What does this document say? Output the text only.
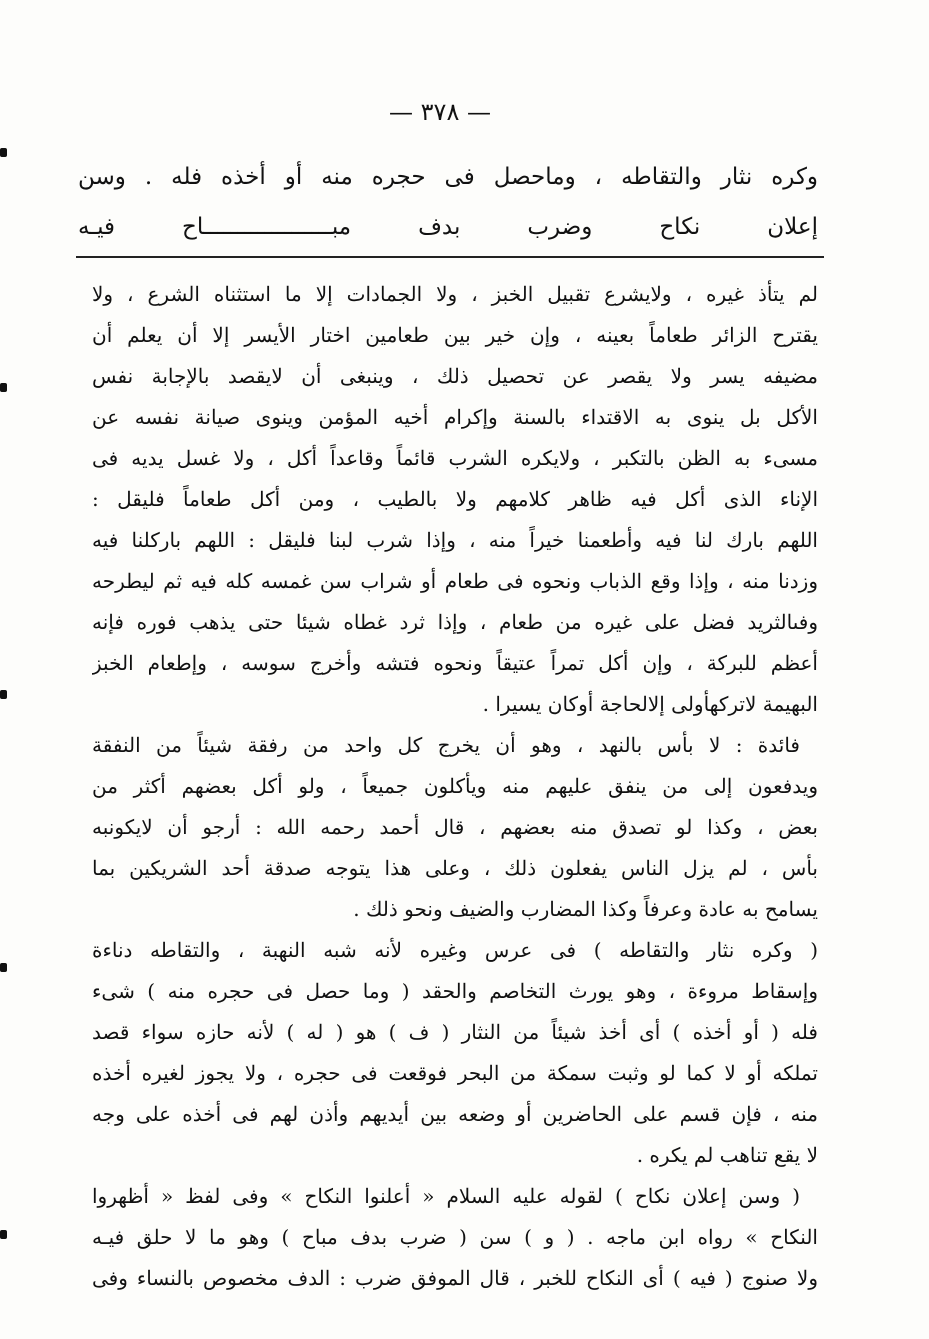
— ٣٧٨ —
وكره نثار والتقاطه ، وماحصل فى حجره منه أو أخذه فله . وسن
إعلان نكاح وضرب بدف مبـــــــــــــــــــاح فيـه
لم يتأذ غيره ، ولايشرع تقبيل الخبز ، ولا الجمادات إلا ما استثناه الشرع ، ولا
يقترح الزائر طعاماً بعينه ، وإن خير بين طعامين اختار الأيسر إلا أن يعلم أن
مضيفه يسر ولا يقصر عن تحصيل ذلك ، وينبغى أن لايقصد بالإجابة نفس
الأكل بل ينوى به الاقتداء بالسنة وإكرام أخيه المؤمن وينوى صيانة نفسه عن
مسىء به الظن بالتكبر ، ولايكره الشرب قائماً وقاعداً أكل ، ولا غسل يديه فى
الإناء الذى أكل فيه ظاهر كلامهم ولا بالطيب ، ومن أكل طعاماً فليقل :
اللهم بارك لنا فيه وأطعمنا خيراً منه ، وإذا شرب لبنا فليقل : اللهم باركلنا فيه
وزدنا منه ، وإذا وقع الذباب ونحوه فى طعام أو شراب سن غمسه كله فيه ثم ليطرحه
وفىالثريد فضل على غيره من طعام ، وإذا ثرد غطاه شيئا حتى يذهب فوره فإنه
أعظم للبركة ، وإن أكل تمراً عتيقاً ونحوه فتشه وأخرج سوسه ، وإطعام الخبز
البهيمة لاتركهأولى إلالحاجة أوكان يسيرا .
فائدة : لا بأس بالنهد ، وهو أن يخرج كل واحد من رفقة شيئاً من النفقة
ويدفعون إلى من ينفق عليهم منه ويأكلون جميعاً ، ولو أكل بعضهم أكثر من
بعض ، وكذا لو تصدق منه بعضهم ، قال أحمد رحمه الله : أرجو أن لايكونبه
بأس ، لم يزل الناس يفعلون ذلك ، وعلى هذا يتوجه صدقة أحد الشريكين بما
يسامح به عادة وعرفاً وكذا المضارب والضيف ونحو ذلك .
( وكره نثار والتقاطه ) فى عرس وغيره لأنه شبه النهبة ، والتقاطه دناءة
وإسقاط مروءة ، وهو يورث التخاصم والحقد ( وما حصل فى حجره منه ) شىء
فله ( أو أخذه ) أى أخذ شيئاً من النثار ( ف ) هو ( له ) لأنه حازه سواء قصد
تملكه أو لا كما لو وثبت سمكة من البحر فوقعت فى حجره ، ولا يجوز لغيره أخذه
منه ، فإن قسم على الحاضرين أو وضعه بين أيديهم وأذن لهم فى أخذه على وجه
لا يقع تناهب لم يكره .
( وسن إعلان نكاح ) لقوله عليه السلام « أعلنوا النكاح » وفى لفظ « أظهروا
النكاح » رواه ابن ماجه . ( و ) سن ( ضرب بدف مباح ) وهو ما لا حلق فيـه
ولا صنوج ( فيه ) أى النكاح للخبر ، قال الموفق ضرب : الدف مخصوص بالنساء وفى
